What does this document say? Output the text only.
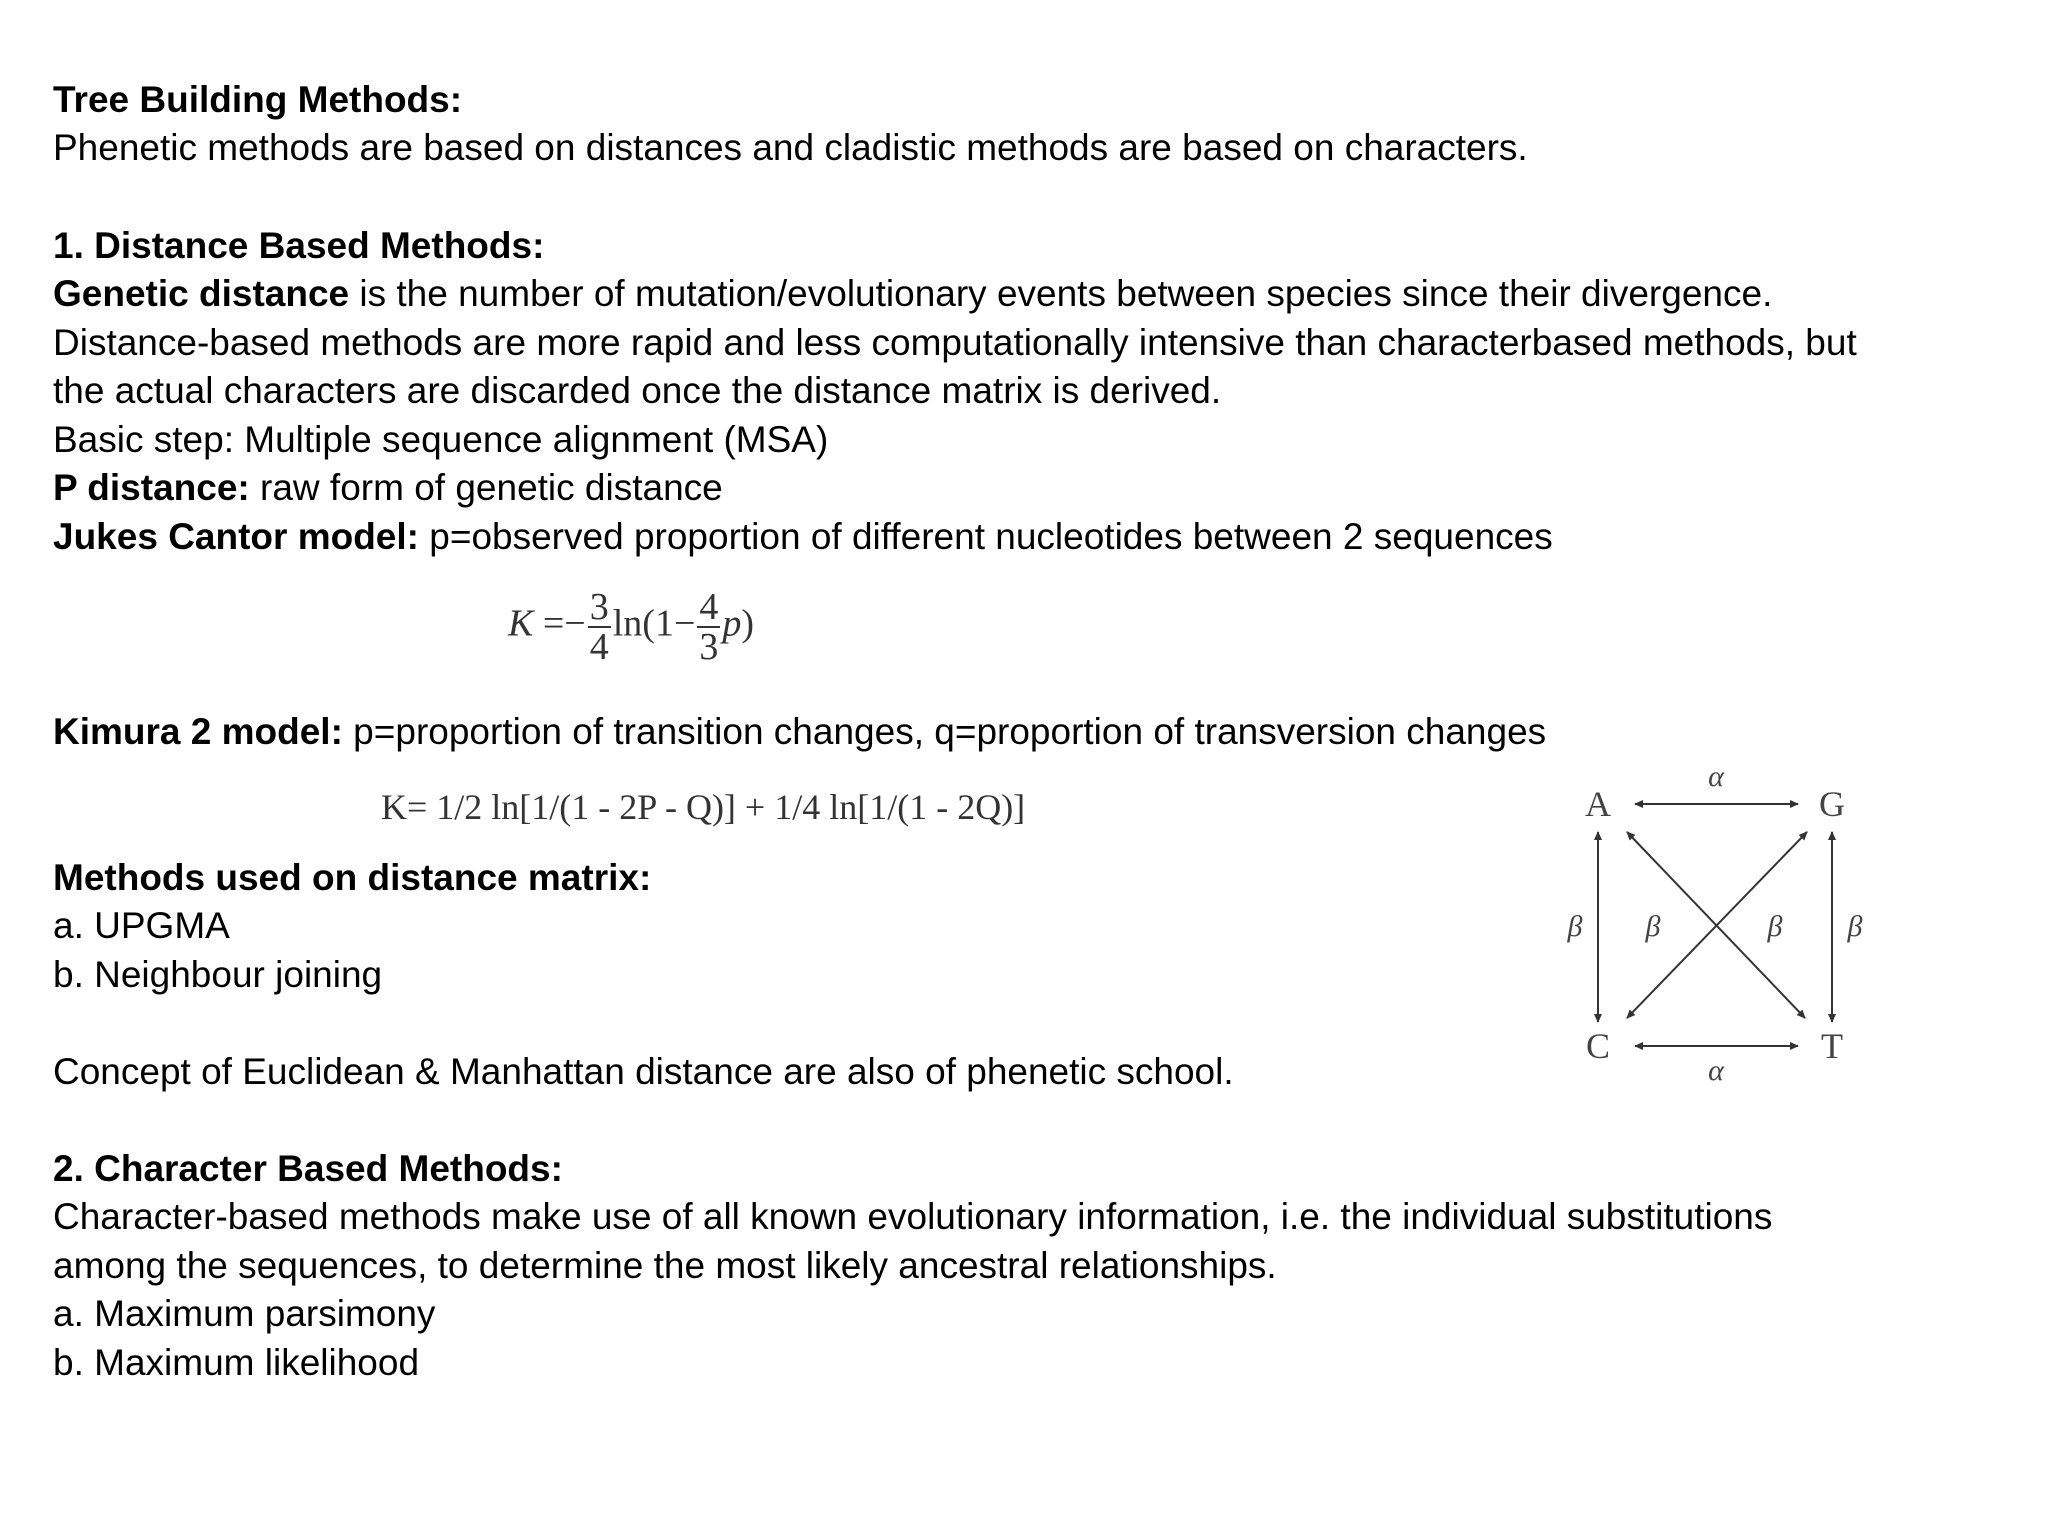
Tree Building Methods:
Phenetic methods are based on distances and cladistic methods are based on characters.
1. Distance Based Methods:
Genetic distance is the number of mutation/evolutionary events between species since their divergence.
Distance-based methods are more rapid and less computationally intensive than characterbased methods, but
the actual characters are discarded once the distance matrix is derived.
Basic step: Multiple sequence alignment (MSA)
P distance: raw form of genetic distance
Jukes Cantor model: p=observed proportion of different nucleotides between 2 sequences
$K =- \frac{3}{4} \ln(1- \frac{4}{3} p)$
Kimura 2 model: p=proportion of transition changes, q=proportion of transversion changes
K= 1/2 ln[1/(1 - 2P - Q)] + 1/4 ln[1/(1 - 2Q)]
Methods used on distance matrix:
a. UPGMA
b. Neighbour joining
Concept of Euclidean & Manhattan distance are also of phenetic school.
2. Character Based Methods:
Character-based methods make use of all known evolutionary information, i.e. the individual substitutions
among the sequences, to determine the most likely ancestral relationships.
a. Maximum parsimony
b. Maximum likelihood
A	G
C	T
α
α
β β	β β
